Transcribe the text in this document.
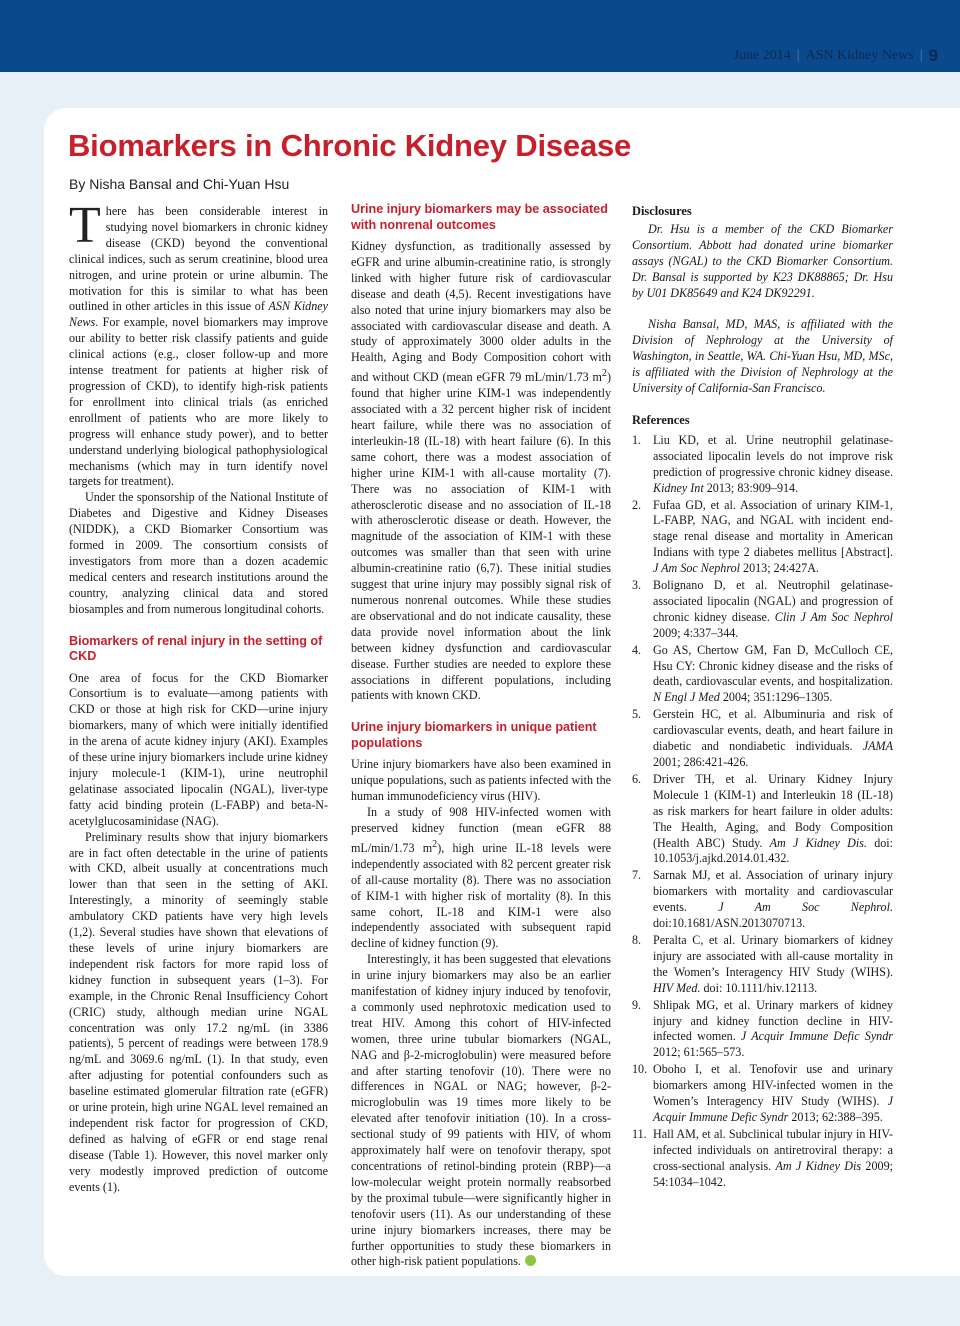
June 2014 | ASN Kidney News | 9
Biomarkers in Chronic Kidney Disease
By Nisha Bansal and Chi-Yuan Hsu

There has been considerable interest in studying novel biomarkers in chronic kidney disease (CKD) beyond the conventional clinical indices, such as serum creatinine, blood urea nitrogen, and urine protein or urine albumin. The motivation for this is similar to what has been outlined in other articles in this issue of ASN Kidney News. For example, novel biomarkers may improve our ability to better risk classify patients and guide clinical actions (e.g., closer follow-up and more intense treatment for patients at higher risk of progression of CKD), to identify high-risk patients for enrollment into clinical trials (as enriched enrollment of patients who are more likely to progress will enhance study power), and to better understand underlying biological pathophysiological mechanisms (which may in turn identify novel targets for treatment).

Under the sponsorship of the National Institute of Diabetes and Digestive and Kidney Diseases (NIDDK), a CKD Biomarker Consortium was formed in 2009. The consortium consists of investigators from more than a dozen academic medical centers and research institutions around the country, analyzing clinical data and stored biosamples and from numerous longitudinal cohorts.

Biomarkers of renal injury in the setting of CKD

One area of focus for the CKD Biomarker Consortium is to evaluate—among patients with CKD or those at high risk for CKD—urine injury biomarkers, many of which were initially identified in the arena of acute kidney injury (AKI). Examples of these urine injury biomarkers include urine kidney injury molecule-1 (KIM-1), urine neutrophil gelatinase associated lipocalin (NGAL), liver-type fatty acid binding protein (L-FABP) and beta-N-acetylglucosaminidase (NAG).

Preliminary results show that injury biomarkers are in fact often detectable in the urine of patients with CKD, albeit usually at concentrations much lower than that seen in the setting of AKI. Interestingly, a minority of seemingly stable ambulatory CKD patients have very high levels (1,2). Several studies have shown that elevations of these levels of urine injury biomarkers are independent risk factors for more rapid loss of kidney function in subsequent years (1–3). For example, in the Chronic Renal Insufficiency Cohort (CRIC) study, although median urine NGAL concentration was only 17.2 ng/mL (in 3386 patients), 5 percent of readings were between 178.9 ng/mL and 3069.6 ng/mL (1). In that study, even after adjusting for potential confounders such as baseline estimated glomerular filtration rate (eGFR) or urine protein, high urine NGAL level remained an independent risk factor for progression of CKD, defined as halving of eGFR or end stage renal disease (Table 1). However, this novel marker only very modestly improved prediction of outcome events (1).

Urine injury biomarkers may be associated with nonrenal outcomes

Kidney dysfunction, as traditionally assessed by eGFR and urine albumin-creatinine ratio, is strongly linked with higher future risk of cardiovascular disease and death (4,5). Recent investigations have also noted that urine injury biomarkers may also be associated with cardiovascular disease and death. A study of approximately 3000 older adults in the Health, Aging and Body Composition cohort with and without CKD (mean eGFR 79 mL/min/1.73 $m^2$) found that higher urine KIM-1 was independently associated with a 32 percent higher risk of incident heart failure, while there was no association of interleukin-18 (IL-18) with heart failure (6). In this same cohort, there was a modest association of higher urine KIM-1 with all-cause mortality (7). There was no association of KIM-1 with atherosclerotic disease and no association of IL-18 with atherosclerotic disease or death. However, the magnitude of the association of KIM-1 with these outcomes was smaller than that seen with urine albumin-creatinine ratio (6,7). These initial studies suggest that urine injury may possibly signal risk of numerous nonrenal outcomes. While these studies are observational and do not indicate causality, these data provide novel information about the link between kidney dysfunction and cardiovascular disease. Further studies are needed to explore these associations in different populations, including patients with known CKD.

Urine injury biomarkers in unique patient populations

Urine injury biomarkers have also been examined in unique populations, such as patients infected with the human immunodeficiency virus (HIV).

In a study of 908 HIV-infected women with preserved kidney function (mean eGFR 88 mL/min/1.73 $m^2$), high urine IL-18 levels were independently associated with 82 percent greater risk of all-cause mortality (8). There was no association of KIM-1 with higher risk of mortality (8). In this same cohort, IL-18 and KIM-1 were also independently associated with subsequent rapid decline of kidney function (9).

Interestingly, it has been suggested that elevations in urine injury biomarkers may also be an earlier manifestation of kidney injury induced by tenofovir, a commonly used nephrotoxic medication used to treat HIV. Among this cohort of HIV-infected women, three urine tubular biomarkers (NGAL, NAG and β-2-microglobulin) were measured before and after starting tenofovir (10). There were no differences in NGAL or NAG; however, β-2-microglobulin was 19 times more likely to be elevated after tenofovir initiation (10). In a cross-sectional study of 99 patients with HIV, of whom approximately half were on tenofovir therapy, spot concentrations of retinol-binding protein (RBP)—a low-molecular weight protein normally reabsorbed by the proximal tubule—were significantly higher in tenofovir users (11). As our understanding of these urine injury biomarkers increases, there may be further opportunities to study these biomarkers in other high-risk patient populations.

Disclosures

Dr. Hsu is a member of the CKD Biomarker Consortium. Abbott had donated urine biomarker assays (NGAL) to the CKD Biomarker Consortium. Dr. Bansal is supported by K23 DK88865; Dr. Hsu by U01 DK85649 and K24 DK92291.

Nisha Bansal, MD, MAS, is affiliated with the Division of Nephrology at the University of Washington, in Seattle, WA. Chi-Yuan Hsu, MD, MSc, is affiliated with the Division of Nephrology at the University of California-San Francisco.

References
1. Liu KD, et al. Urine neutrophil gelatinase-associated lipocalin levels do not improve risk prediction of progressive chronic kidney disease. Kidney Int 2013; 83:909–914.
2. Fufaa GD, et al. Association of urinary KIM-1, L-FABP, NAG, and NGAL with incident end-stage renal disease and mortality in American Indians with type 2 diabetes mellitus [Abstract]. J Am Soc Nephrol 2013; 24:427A.
3. Bolignano D, et al. Neutrophil gelatinase-associated lipocalin (NGAL) and progression of chronic kidney disease. Clin J Am Soc Nephrol 2009; 4:337–344.
4. Go AS, Chertow GM, Fan D, McCulloch CE, Hsu CY: Chronic kidney disease and the risks of death, cardiovascular events, and hospitalization. N Engl J Med 2004; 351:1296–1305.
5. Gerstein HC, et al. Albuminuria and risk of cardiovascular events, death, and heart failure in diabetic and nondiabetic individuals. JAMA 2001; 286:421-426.
6. Driver TH, et al. Urinary Kidney Injury Molecule 1 (KIM-1) and Interleukin 18 (IL-18) as risk markers for heart failure in older adults: The Health, Aging, and Body Composition (Health ABC) Study. Am J Kidney Dis. doi: 10.1053/j.ajkd.2014.01.432.
7. Sarnak MJ, et al. Association of urinary injury biomarkers with mortality and cardiovascular events. J Am Soc Nephrol. doi:10.1681/ASN.2013070713.
8. Peralta C, et al. Urinary biomarkers of kidney injury are associated with all-cause mortality in the Women’s Interagency HIV Study (WIHS). HIV Med. doi: 10.1111/hiv.12113.
9. Shlipak MG, et al. Urinary markers of kidney injury and kidney function decline in HIV-infected women. J Acquir Immune Defic Syndr 2012; 61:565–573.
10. Oboho I, et al. Tenofovir use and urinary biomarkers among HIV-infected women in the Women’s Interagency HIV Study (WIHS). J Acquir Immune Defic Syndr 2013; 62:388–395.
11. Hall AM, et al. Subclinical tubular injury in HIV-infected individuals on antiretroviral therapy: a cross-sectional analysis. Am J Kidney Dis 2009; 54:1034–1042.
